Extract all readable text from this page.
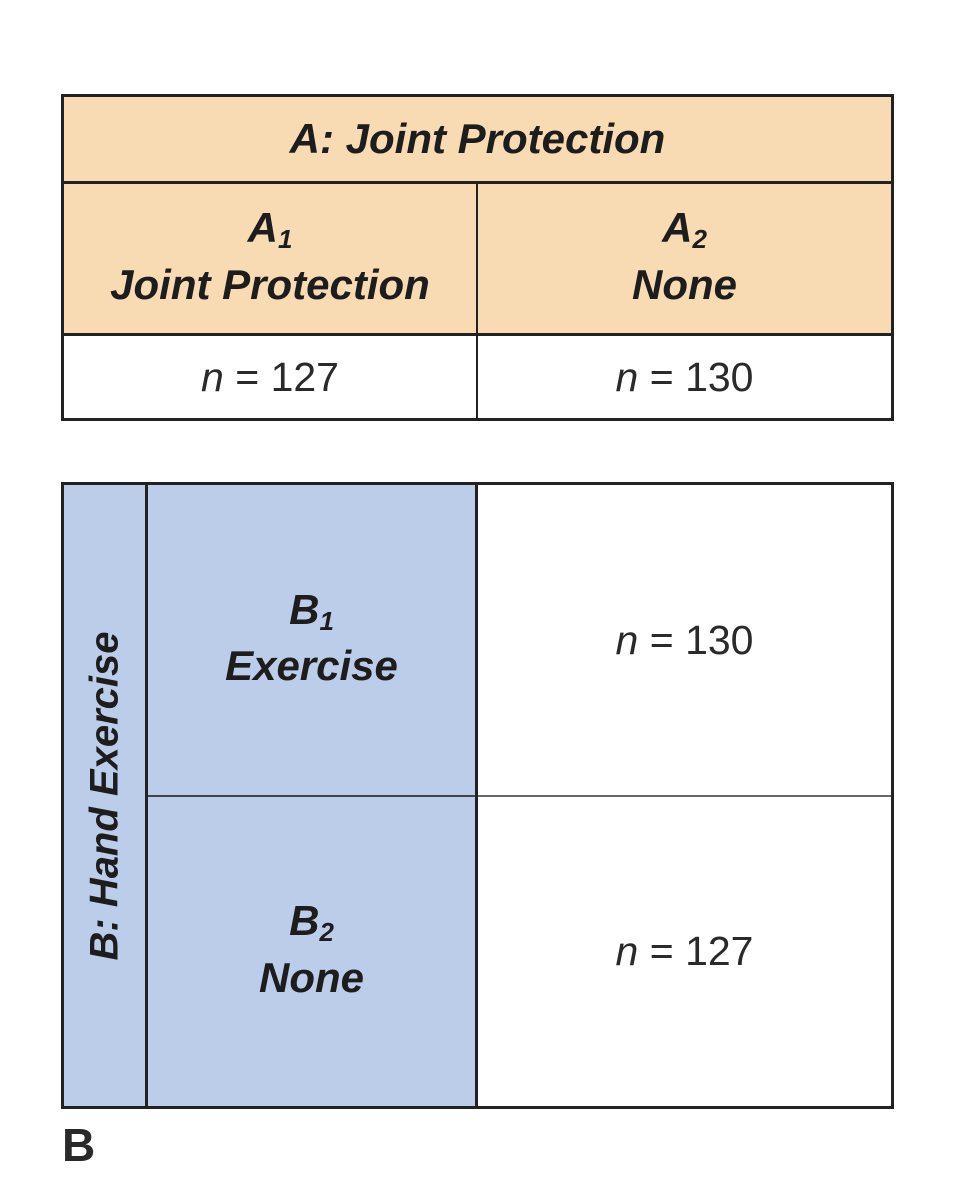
A: Joint Protection
$A_1$
Joint Protection
$A_2$
None
n = 127	n = 130
B: Hand Exercise
$B_1$
Exercise
$B_2$
None
n = 130
n = 127
B
